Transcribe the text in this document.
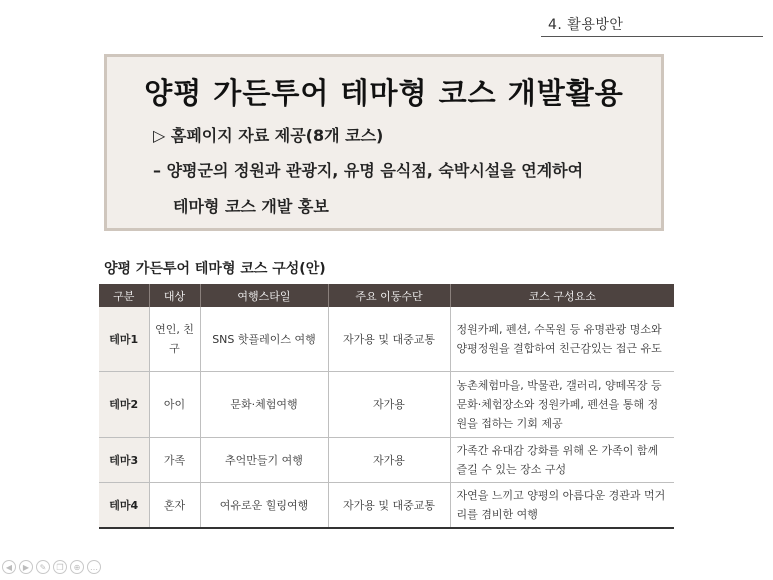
4. 활용방안
양평 가든투어 테마형 코스 개발활용
▷ 홈페이지 자료 제공(8개 코스)
– 양평군의 정원과 관광지, 유명 음식점, 숙박시설을 연계하여
테마형 코스 개발 홍보
양평 가든투어 테마형 코스 구성(안)
구분	대상	여행스타일	주요 이동수단	코스 구성요소
테마1	연인, 친구	SNS 핫플레이스 여행	자가용 및 대중교통	정원카페, 펜션, 수목원 등 유명관광 명소와 양평정원을 결합하여 친근감있는 접근 유도
테마2	아이	문화·체험여행	자가용	농촌체험마을, 박물관, 갤러리, 양떼목장 등 문화·체험장소와 정원카페, 펜션을 통해 정원을 접하는 기회 제공
테마3	가족	추억만들기 여행	자가용	가족간 유대감 강화를 위해 온 가족이 함께 즐길 수 있는 장소 구성
테마4	혼자	여유로운 힐링여행	자가용 및 대중교통	자연을 느끼고 양평의 아름다운 경관과 먹거리를 겸비한 여행
◀	▶	✎	❐	⊕	…
